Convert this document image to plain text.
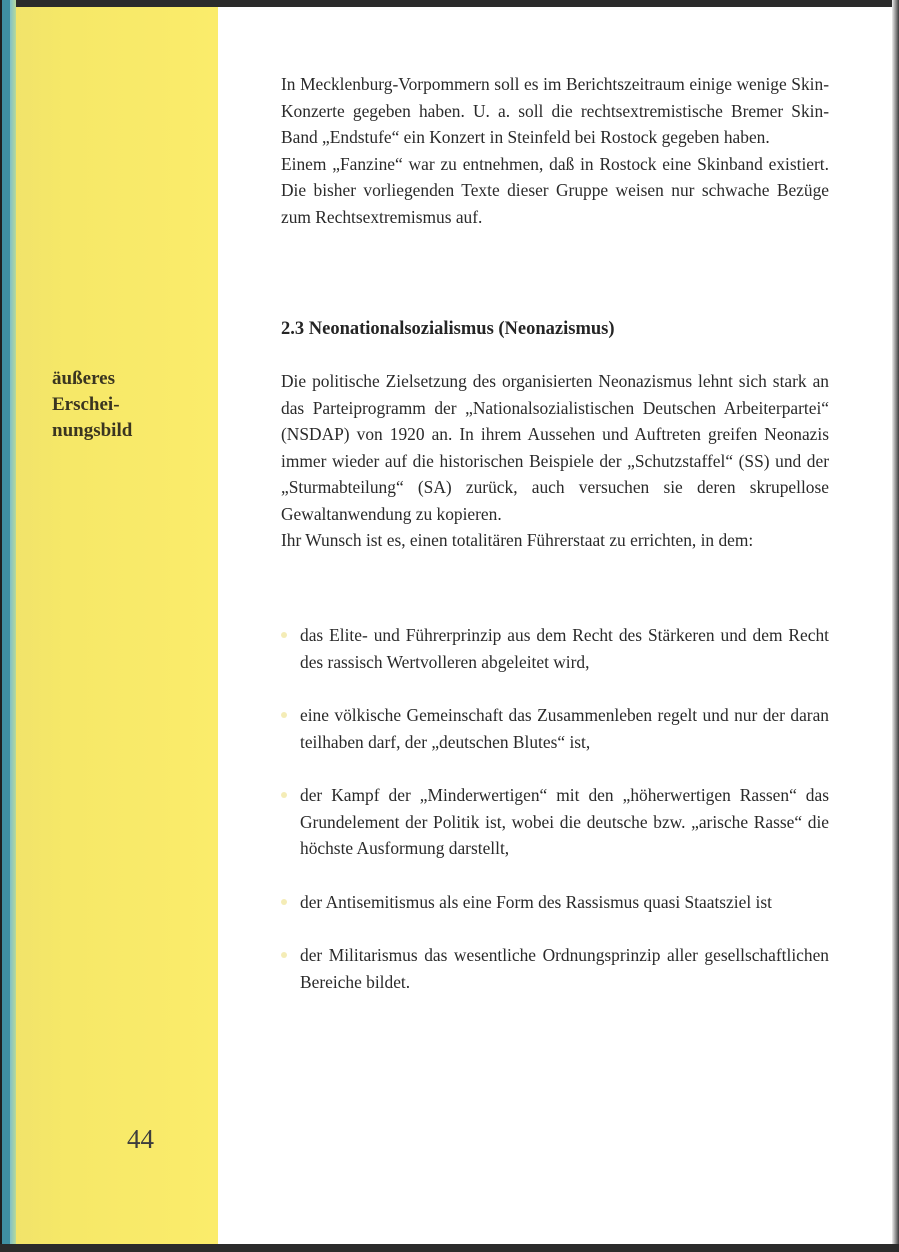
äußeres
Erschei-
nungsbild
44

In Mecklenburg-Vorpommern soll es im Berichtszeitraum einige wenige Skin-Konzerte gegeben haben. U. a. soll die rechtsextremistische Bremer Skin-Band „Endstufe“ ein Konzert in Steinfeld bei Rostock gegeben haben.

Einem „Fanzine“ war zu entnehmen, daß in Rostock eine Skinband existiert. Die bisher vorliegenden Texte dieser Gruppe weisen nur schwache Bezüge zum Rechtsextremismus auf.

2.3 Neonationalsozialismus (Neonazismus)

Die politische Zielsetzung des organisierten Neonazismus lehnt sich stark an das Parteiprogramm der „Nationalsozialistischen Deutschen Arbeiterpartei“ (NSDAP) von 1920 an. In ihrem Aussehen und Auftreten greifen Neonazis immer wieder auf die historischen Beispiele der „Schutzstaffel“ (SS) und der „Sturmabteilung“ (SA) zurück, auch versuchen sie deren skrupellose Gewaltanwendung zu kopieren.

Ihr Wunsch ist es, einen totalitären Führerstaat zu errichten, in dem:

das Elite- und Führerprinzip aus dem Recht des Stärkeren und dem Recht des rassisch Wertvolleren abgeleitet wird,
eine völkische Gemeinschaft das Zusammenleben regelt und nur der daran teilhaben darf, der „deutschen Blutes“ ist,
der Kampf der „Minderwertigen“ mit den „höherwertigen Rassen“ das Grundelement der Politik ist, wobei die deutsche bzw. „arische Rasse“ die höchste Ausformung darstellt,
der Antisemitismus als eine Form des Rassismus quasi Staatsziel ist
der Militarismus das wesentliche Ordnungsprinzip aller gesellschaftlichen Bereiche bildet.
